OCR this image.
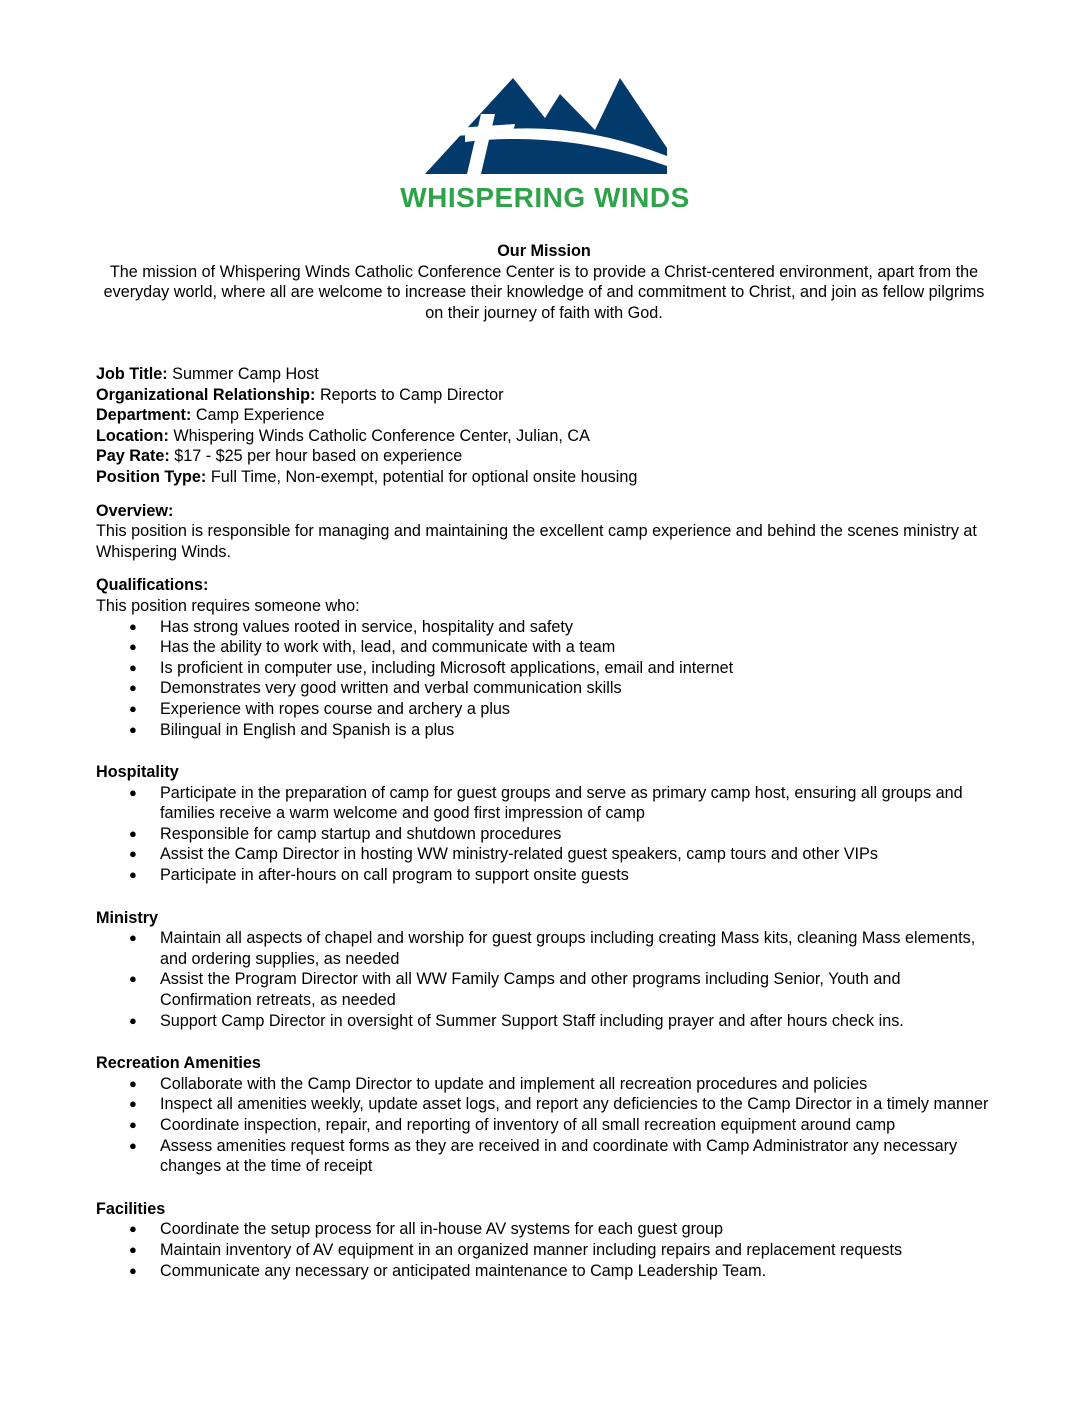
WHISPERING WINDS
Our Mission
The mission of Whispering Winds Catholic Conference Center is to provide a Christ-centered environment, apart from the everyday world, where all are welcome to increase their knowledge of and commitment to Christ, and join as fellow pilgrims on their journey of faith with God.
Job Title: Summer Camp Host
Organizational Relationship: Reports to Camp Director
Department: Camp Experience
Location: Whispering Winds Catholic Conference Center, Julian, CA
Pay Rate: $17 - $25 per hour based on experience
Position Type: Full Time, Non-exempt, potential for optional onsite housing
Overview:
This position is responsible for managing and maintaining the excellent camp experience and behind the scenes ministry at Whispering Winds.
Qualifications:
This position requires someone who:
● Has strong values rooted in service, hospitality and safety
● Has the ability to work with, lead, and communicate with a team
● Is proficient in computer use, including Microsoft applications, email and internet
● Demonstrates very good written and verbal communication skills
● Experience with ropes course and archery a plus
● Bilingual in English and Spanish is a plus
Hospitality
● Participate in the preparation of camp for guest groups and serve as primary camp host, ensuring all groups and families receive a warm welcome and good first impression of camp
● Responsible for camp startup and shutdown procedures
● Assist the Camp Director in hosting WW ministry-related guest speakers, camp tours and other VIPs
● Participate in after-hours on call program to support onsite guests
Ministry
● Maintain all aspects of chapel and worship for guest groups including creating Mass kits, cleaning Mass elements, and ordering supplies, as needed
● Assist the Program Director with all WW Family Camps and other programs including Senior, Youth and Confirmation retreats, as needed
● Support Camp Director in oversight of Summer Support Staff including prayer and after hours check ins.
Recreation Amenities
● Collaborate with the Camp Director to update and implement all recreation procedures and policies
● Inspect all amenities weekly, update asset logs, and report any deficiencies to the Camp Director in a timely manner
● Coordinate inspection, repair, and reporting of inventory of all small recreation equipment around camp
● Assess amenities request forms as they are received in and coordinate with Camp Administrator any necessary changes at the time of receipt
Facilities
● Coordinate the setup process for all in-house AV systems for each guest group
● Maintain inventory of AV equipment in an organized manner including repairs and replacement requests
● Communicate any necessary or anticipated maintenance to Camp Leadership Team.
